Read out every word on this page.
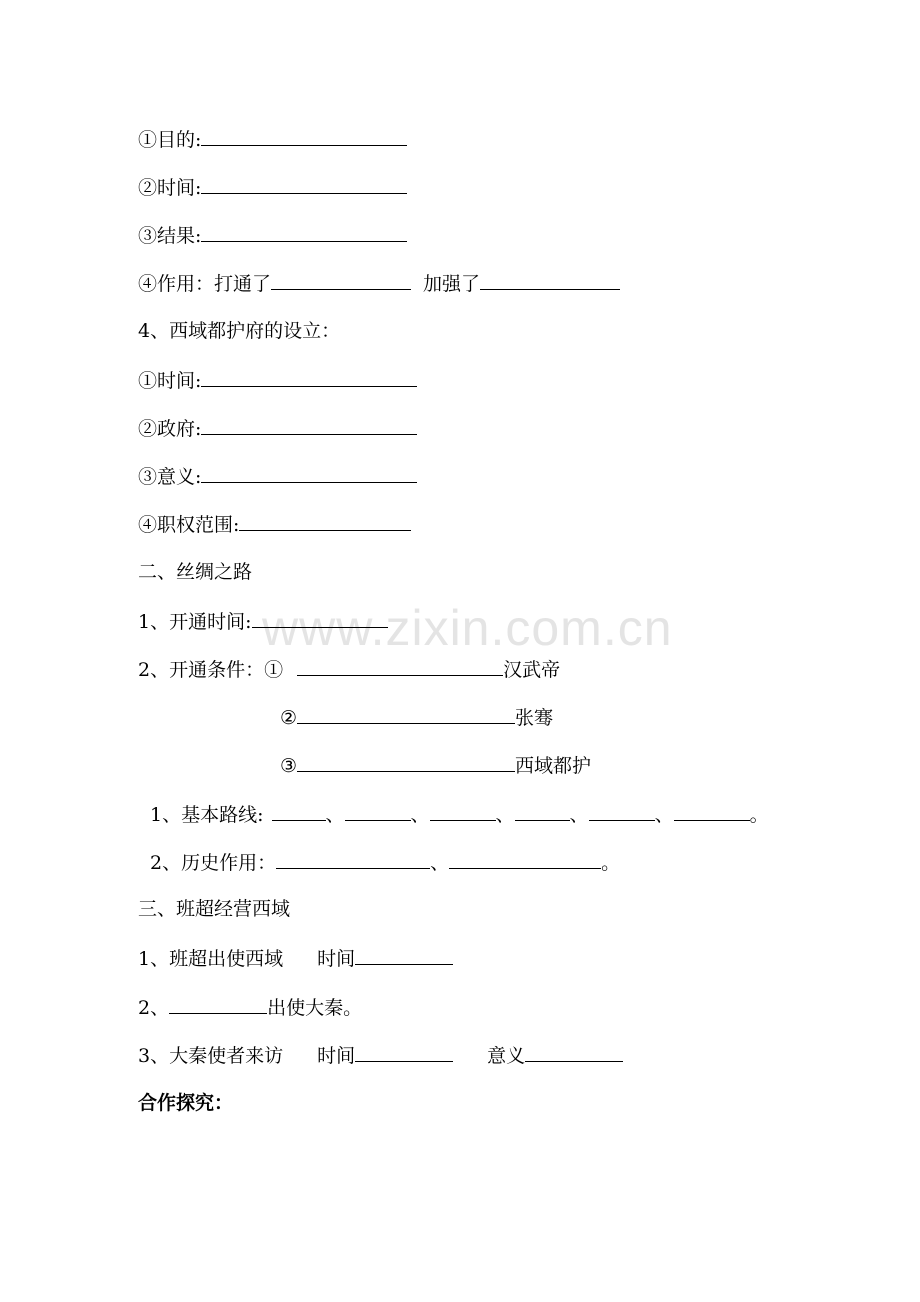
www.zixin.com.cn
①目的:
②时间:
③结果:
④作用：打通了	加强了
4、西域都护府的设立：
①时间:
②政府:
③意义:
④职权范围:
二、丝绸之路
1、开通时间:
2、开通条件：①	汉武帝
②	张骞
③	西域都护
1、基本路线:	、	、	、	、	、	。
2、历史作用：	、	。
三、班超经营西域
1、班超出使西域 时间
2、	出使大秦。
3、大秦使者来访 时间	意义
合作探究：
